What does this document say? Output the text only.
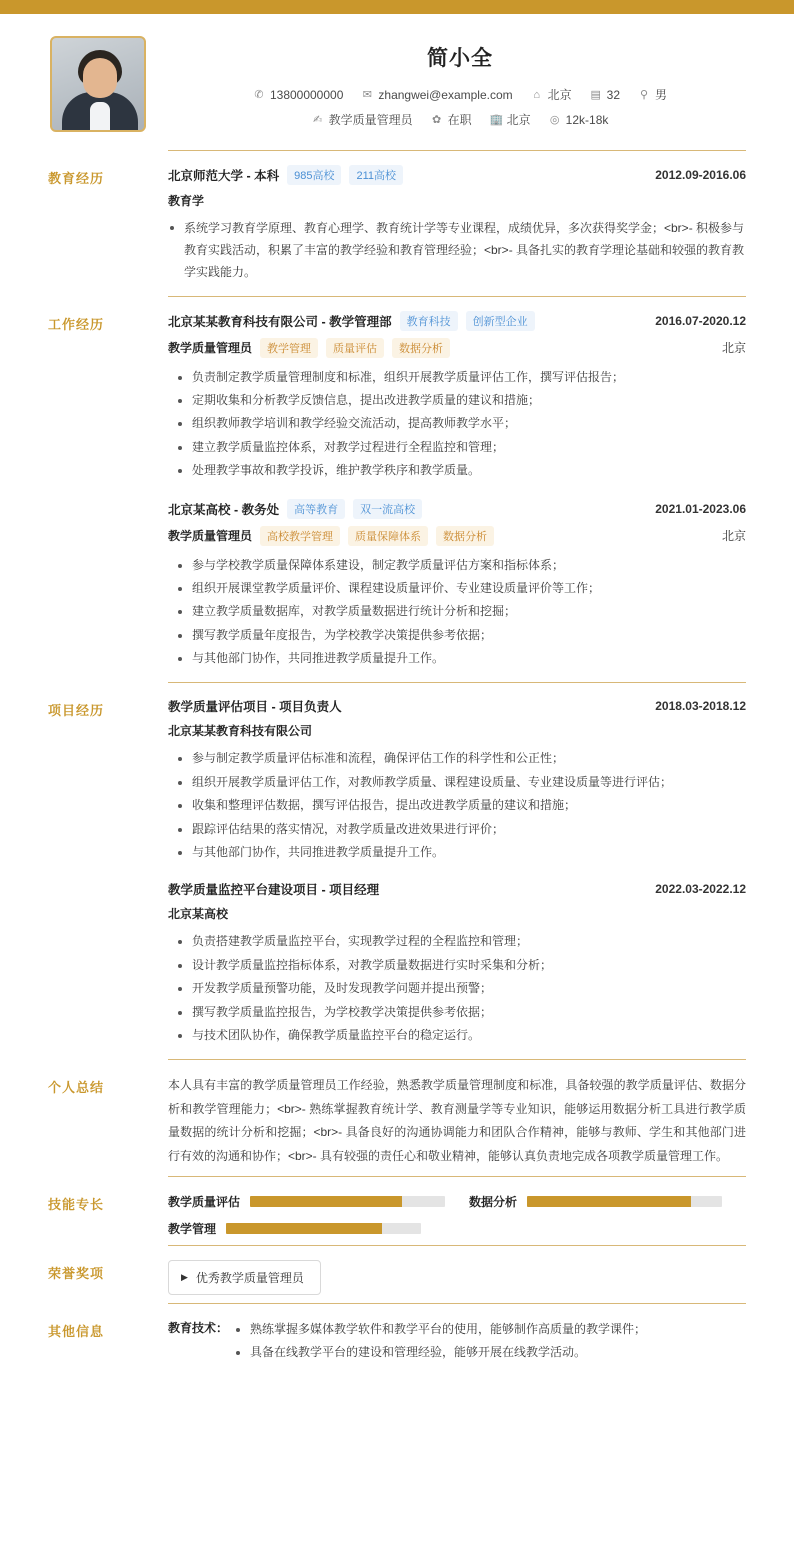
简小全
✆ 13800000000 ✉ zhangwei@example.com ⌂ 北京 ▤ 32 ⚲ 男
✍ 教学质量管理员 ✿ 在职 🏢 北京 ◎ 12k-18k
教育经历	北京师范大学 - 本科	985高校	211高校	2012.09-2016.06
教育学
系统学习教育学原理、教育心理学、教育统计学等专业课程，成绩优异，多次获得奖学金；<br>- 积极参与教育实践活动，积累了丰富的教学经验和教育管理经验；<br>- 具备扎实的教育学理论基础和较强的教育教学实践能力。
工作经历	北京某某教育科技有限公司 - 教学管理部	教育科技	创新型企业	2016.07-2020.12
教学质量管理员	教学管理	质量评估	数据分析	北京
负责制定教学质量管理制度和标准，组织开展教学质量评估工作，撰写评估报告；
定期收集和分析教学反馈信息，提出改进教学质量的建议和措施；
组织教师教学培训和教学经验交流活动，提高教师教学水平；
建立教学质量监控体系，对教学过程进行全程监控和管理；
处理教学事故和教学投诉，维护教学秩序和教学质量。
北京某高校 - 教务处	高等教育	双一流高校	2021.01-2023.06
教学质量管理员	高校教学管理	质量保障体系	数据分析	北京
参与学校教学质量保障体系建设，制定教学质量评估方案和指标体系；
组织开展课堂教学质量评价、课程建设质量评价、专业建设质量评价等工作；
建立教学质量数据库，对教学质量数据进行统计分析和挖掘；
撰写教学质量年度报告，为学校教学决策提供参考依据；
与其他部门协作，共同推进教学质量提升工作。
项目经历	教学质量评估项目 - 项目负责人	2018.03-2018.12
北京某某教育科技有限公司
参与制定教学质量评估标准和流程，确保评估工作的科学性和公正性；
组织开展教学质量评估工作，对教师教学质量、课程建设质量、专业建设质量等进行评估；
收集和整理评估数据，撰写评估报告，提出改进教学质量的建议和措施；
跟踪评估结果的落实情况，对教学质量改进效果进行评价；
与其他部门协作，共同推进教学质量提升工作。
教学质量监控平台建设项目 - 项目经理	2022.03-2022.12
北京某高校
负责搭建教学质量监控平台，实现教学过程的全程监控和管理；
设计教学质量监控指标体系，对教学质量数据进行实时采集和分析；
开发教学质量预警功能，及时发现教学问题并提出预警；
撰写教学质量监控报告，为学校教学决策提供参考依据；
与技术团队协作，确保教学质量监控平台的稳定运行。
个人总结	本人具有丰富的教学质量管理员工作经验，熟悉教学质量管理制度和标准，具备较强的教学质量评估、数据分析和教学管理能力；<br>- 熟练掌握教育统计学、教育测量学等专业知识，能够运用数据分析工具进行教学质量数据的统计分析和挖掘；<br>- 具备良好的沟通协调能力和团队合作精神，能够与教师、学生和其他部门进行有效的沟通和协作；<br>- 具有较强的责任心和敬业精神，能够认真负责地完成各项教学质量管理工作。
技能专长	教学质量评估	数据分析
教学管理
荣誉奖项	▶ 优秀教学质量管理员
其他信息	教育技术：	熟练掌握多媒体教学软件和教学平台的使用，能够制作高质量的教学课件；
具备在线教学平台的建设和管理经验，能够开展在线教学活动。
